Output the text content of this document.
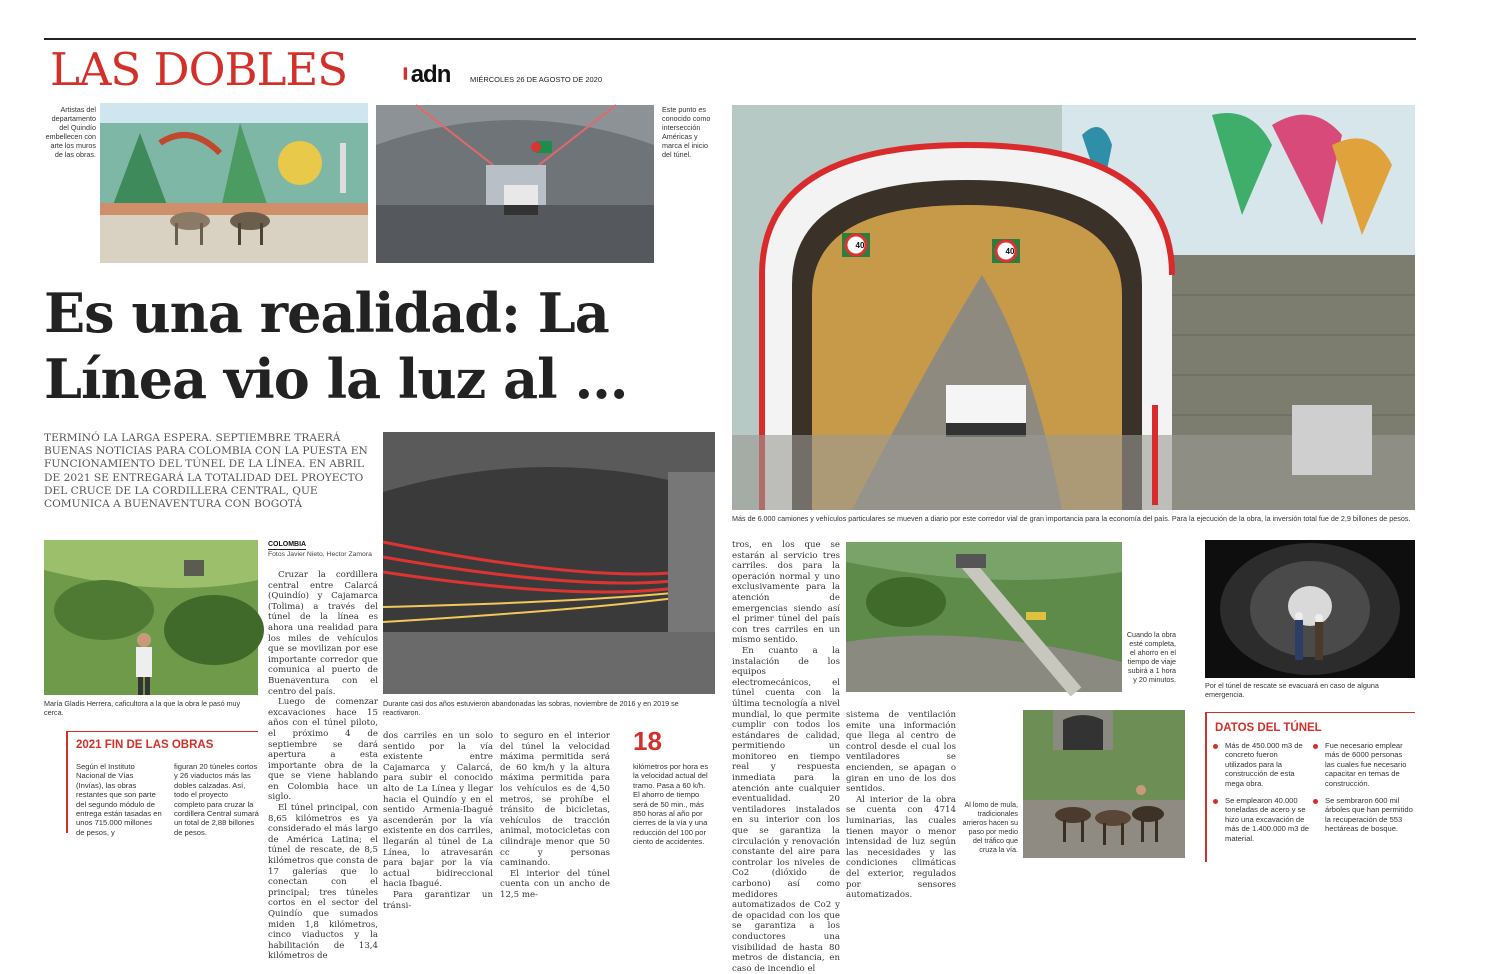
LAS DOBLES	▍adn	MIÉRCOLES 26 DE AGOSTO DE 2020
Artistas del departamento del Quindío embellecen con arte los muros de las obras.
Este punto es conocido como intersección Américas y marca el inicio del túnel.
40
40
Más de 6.000 camiones y vehículos particulares se mueven a diario por este corredor vial de gran importancia para la economía del país. Para la ejecución de la obra, la inversión total fue de 2,9 billones de pesos.
Es una realidad: La Línea vio la luz al …
TERMINÓ LA LARGA ESPERA. SEPTIEMBRE TRAERÁ BUENAS NOTICIAS PARA COLOMBIA CON LA PUESTA EN FUNCIONAMIENTO DEL TÚNEL DE LA LÍNEA. EN ABRIL DE 2021 SE ENTREGARÁ LA TOTALIDAD DEL PROYECTO DEL CRUCE DE LA CORDILLERA CENTRAL, QUE COMUNICA A BUENAVENTURA CON BOGOTÁ
María Gladis Herrera, caficultora a la que la obra le pasó muy cerca.
COLOMBIA
Fotos Javier Nieto, Hector Zamora

Cruzar la cordillera central entre Calarcá (Quindío) y Cajamarca (Tolima) a través del túnel de la línea es ahora una realidad para los miles de vehículos que se movilizan por ese importante corredor que comunica al puerto de Buenaventura con el centro del país.

Luego de comenzar excavaciones hace 15 años con el túnel piloto, el próximo 4 de septiembre se dará apertura a esta importante obra de la que se viene hablando en Colombia hace un siglo.

El túnel principal, con 8,65 kilómetros es ya considerado el más largo de América Latina; el túnel de rescate, de 8,5 kilómetros que consta de 17 galerías que lo conectan con el principal; tres túneles cortos en el sector del Quindío que sumados miden 1,8 kilómetros, cinco viaductos y la habilitación de 13,4 kilómetros de

Durante casi dos años estuvieron abandonadas las sobras, noviembre de 2016 y en 2019 se reactivaron.
2021 FIN DE LAS OBRAS
Según el Instituto Nacional de Vías (Invías), las obras restantes que son parte del segundo módulo de entrega están tasadas en unos 715.000 millones de pesos, y
figuran 20 túneles cortos y 26 viaductos más las dobles calzadas. Así, todo el proyecto completo para cruzar la cordillera Central sumará un total de 2,88 billones de pesos.

dos carriles en un solo sentido por la vía existente entre Cajamarca y Calarcá, para subir el conocido alto de La Línea y llegar hacia el Quindío y en el sentido Armenia-Ibagué ascenderán por la vía existente en dos carriles, llegarán al túnel de La Línea, lo atravesarán para bajar por la vía actual bidireccional hacia Ibagué.

Para garantizar un tránsi-

to seguro en el interior del túnel la velocidad máxima permitida será de 60 km/h y la altura máxima permitida para los vehículos es de 4,50 metros, se prohíbe el tránsito de bicicletas, vehículos de tracción animal, motocicletas con cilindraje menor que 50 cc y personas caminando.

El interior del túnel cuenta con un ancho de 12,5 me-

18
kilómetros por hora es la velocidad actual del tramo. Pasa a 60 k/h. El ahorro de tiempo será de 50 min., más 850 horas al año por cierres de la vía y una reducción del 100 por ciento de accidentes.

tros, en los que se estarán al servicio tres carriles. dos para la operación normal y uno exclusivamente para la atención de emergencias siendo así el primer túnel del país con tres carriles en un mismo sentido.

En cuanto a la instalación de los equipos electromecánicos, el túnel cuenta con la última tecnología a nivel mundial, lo que permite cumplir con todos los estándares de calidad, permitiendo un monitoreo en tiempo real y respuesta inmediata para la atención ante cualquier eventualidad. 20 ventiladores instalados en su interior con los que se garantiza la circulación y renovación constante del aire para controlar los niveles de Co2 (dióxido de carbono) así como medidores automatizados de Co2 y de opacidad con los que se garantiza a los conductores una visibilidad de hasta 80 metros de distancia, en caso de incendio el

Cuando la obra esté completa, el ahorro en el tiempo de viaje subirá a 1 hora y 20 minutos.
Por el túnel de rescate se evacuará en caso de alguna emergencia.

sistema de ventilación emite una información que llega al centro de control desde el cual los ventiladores se encienden, se apagan o giran en uno de los dos sentidos.

Al interior de la obra se cuenta con 4714 luminarias, las cuales tienen mayor o menor intensidad de luz según las necesidades y las condiciones climáticas del exterior, regulados por sensores automatizados.

Al lomo de mula, tradicionales arrieros hacen su paso por medio del tráfico que cruza la vía.
DATOS DEL TÚNEL
Más de 450.000 m3 de concreto fueron utilizados para la construcción de esta mega obra.
Se emplearon 40.000 toneladas de acero y se hizo una excavación de más de 1.400.000 m3 de material.
Fue necesario emplear más de 6000 personas las cuales fue necesario capacitar en temas de construcción.
Se sembraron 600 mil árboles que han permitido la recuperación de 553 hectáreas de bosque.
